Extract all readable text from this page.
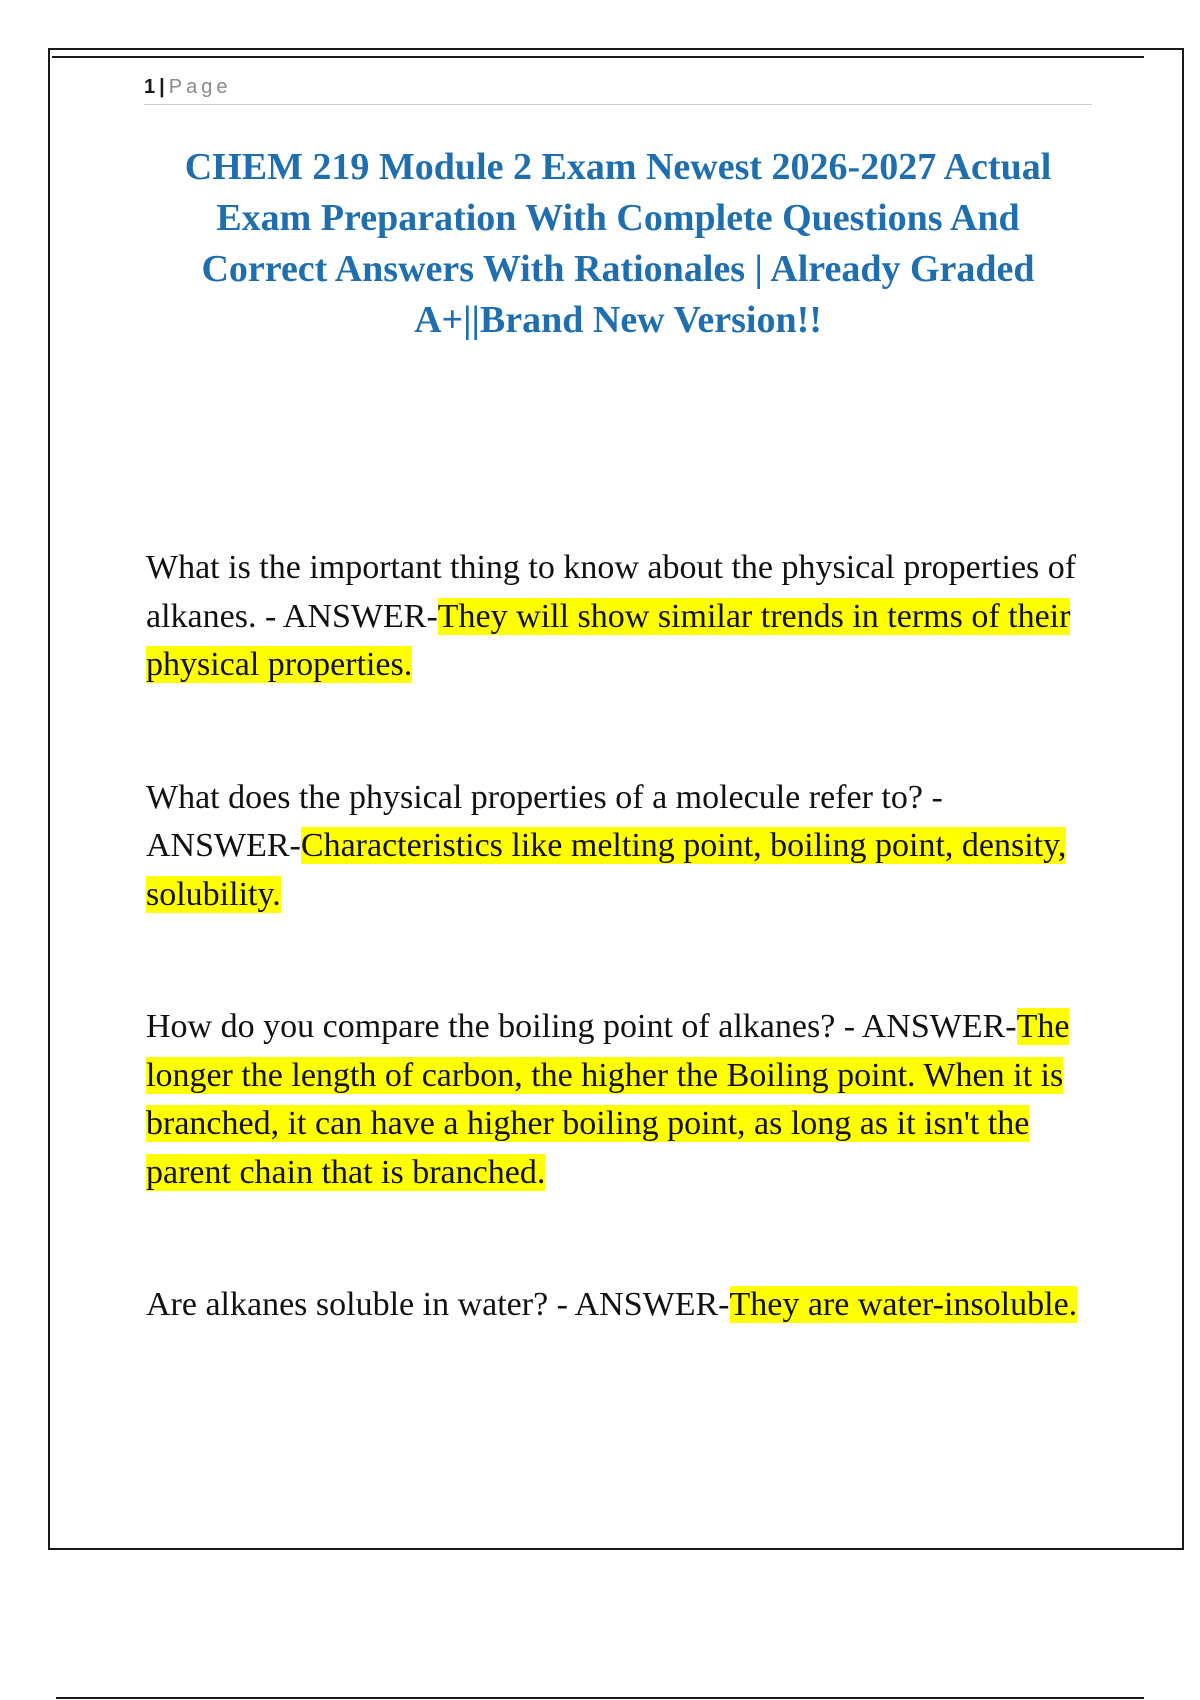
1 | Page
CHEM 219 Module 2 Exam Newest 2026-2027 Actual Exam Preparation With Complete Questions And Correct Answers With Rationales | Already Graded A+||Brand New Version!!

What is the important thing to know about the physical properties of alkanes. - ANSWER-They will show similar trends in terms of their physical properties.

What does the physical properties of a molecule refer to? - ANSWER-Characteristics like melting point, boiling point, density, solubility.

How do you compare the boiling point of alkanes? - ANSWER-The longer the length of carbon, the higher the Boiling point. When it is branched, it can have a higher boiling point, as long as it isn't the parent chain that is branched.

Are alkanes soluble in water? - ANSWER-They are water-insoluble.
